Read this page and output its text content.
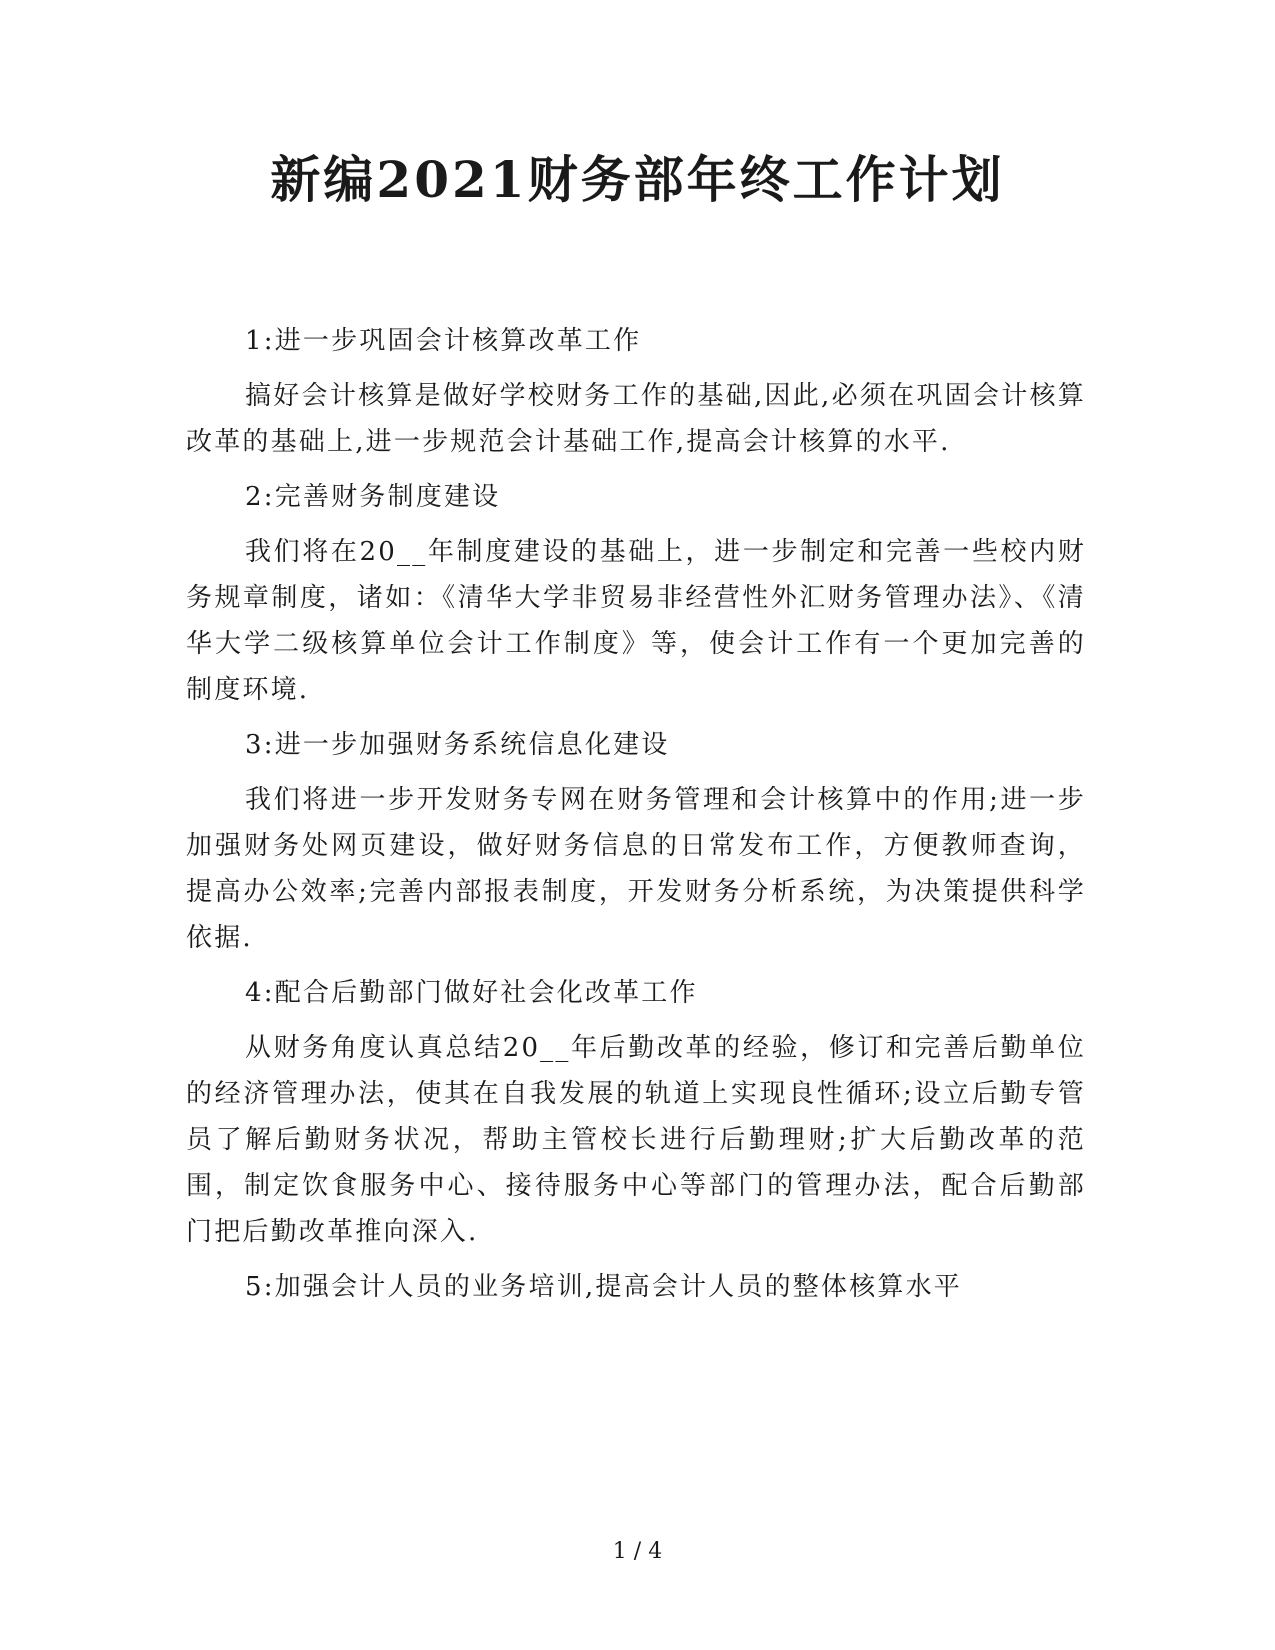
新编2021财务部年终工作计划

1:进一步巩固会计核算改革工作

搞好会计核算是做好学校财务工作的基础,因此,必须在巩固会计核算改革的基础上,进一步规范会计基础工作,提高会计核算的水平.

2:完善财务制度建设

我们将在20__年制度建设的基础上，进一步制定和完善一些校内财务规章制度，诸如：《清华大学非贸易非经营性外汇财务管理办法》、《清华大学二级核算单位会计工作制度》等，使会计工作有一个更加完善的制度环境.

3:进一步加强财务系统信息化建设

我们将进一步开发财务专网在财务管理和会计核算中的作用;进一步加强财务处网页建设，做好财务信息的日常发布工作，方便教师查询，提高办公效率;完善内部报表制度，开发财务分析系统，为决策提供科学依据.

4:配合后勤部门做好社会化改革工作

从财务角度认真总结20__年后勤改革的经验，修订和完善后勤单位的经济管理办法，使其在自我发展的轨道上实现良性循环;设立后勤专管员了解后勤财务状况，帮助主管校长进行后勤理财;扩大后勤改革的范围，制定饮食服务中心、接待服务中心等部门的管理办法，配合后勤部门把后勤改革推向深入.

5:加强会计人员的业务培训,提高会计人员的整体核算水平

1 / 4
